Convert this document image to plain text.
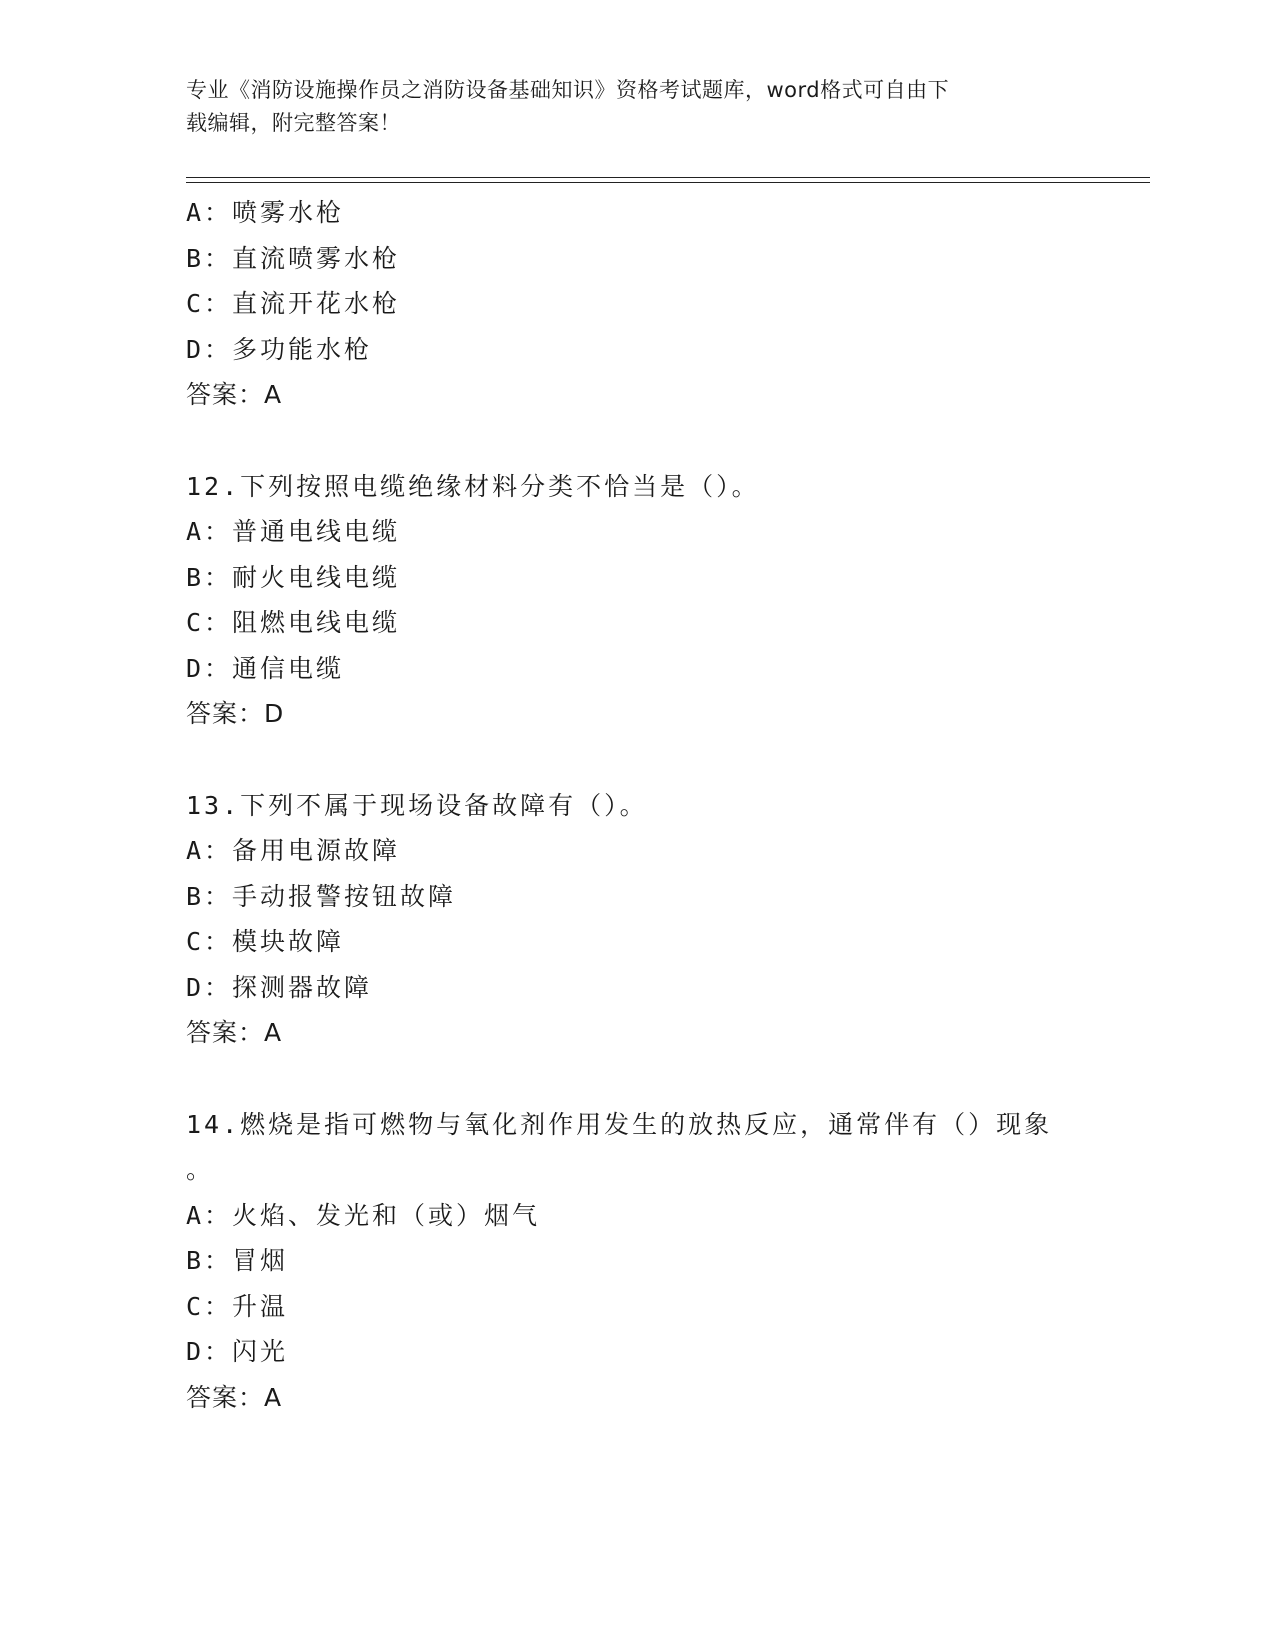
专业《消防设施操作员之消防设备基础知识》资格考试题库，word格式可自由下
载编辑，附完整答案！
A：喷雾水枪
B：直流喷雾水枪
C：直流开花水枪
D：多功能水枪
答案：A
12.下列按照电缆绝缘材料分类不恰当是（）。
A：普通电线电缆
B：耐火电线电缆
C：阻燃电线电缆
D：通信电缆
答案：D
13.下列不属于现场设备故障有（）。
A：备用电源故障
B：手动报警按钮故障
C：模块故障
D：探测器故障
答案：A
14.燃烧是指可燃物与氧化剂作用发生的放热反应，通常伴有（）现象
。
A：火焰、发光和（或）烟气
B：冒烟
C：升温
D：闪光
答案：A
